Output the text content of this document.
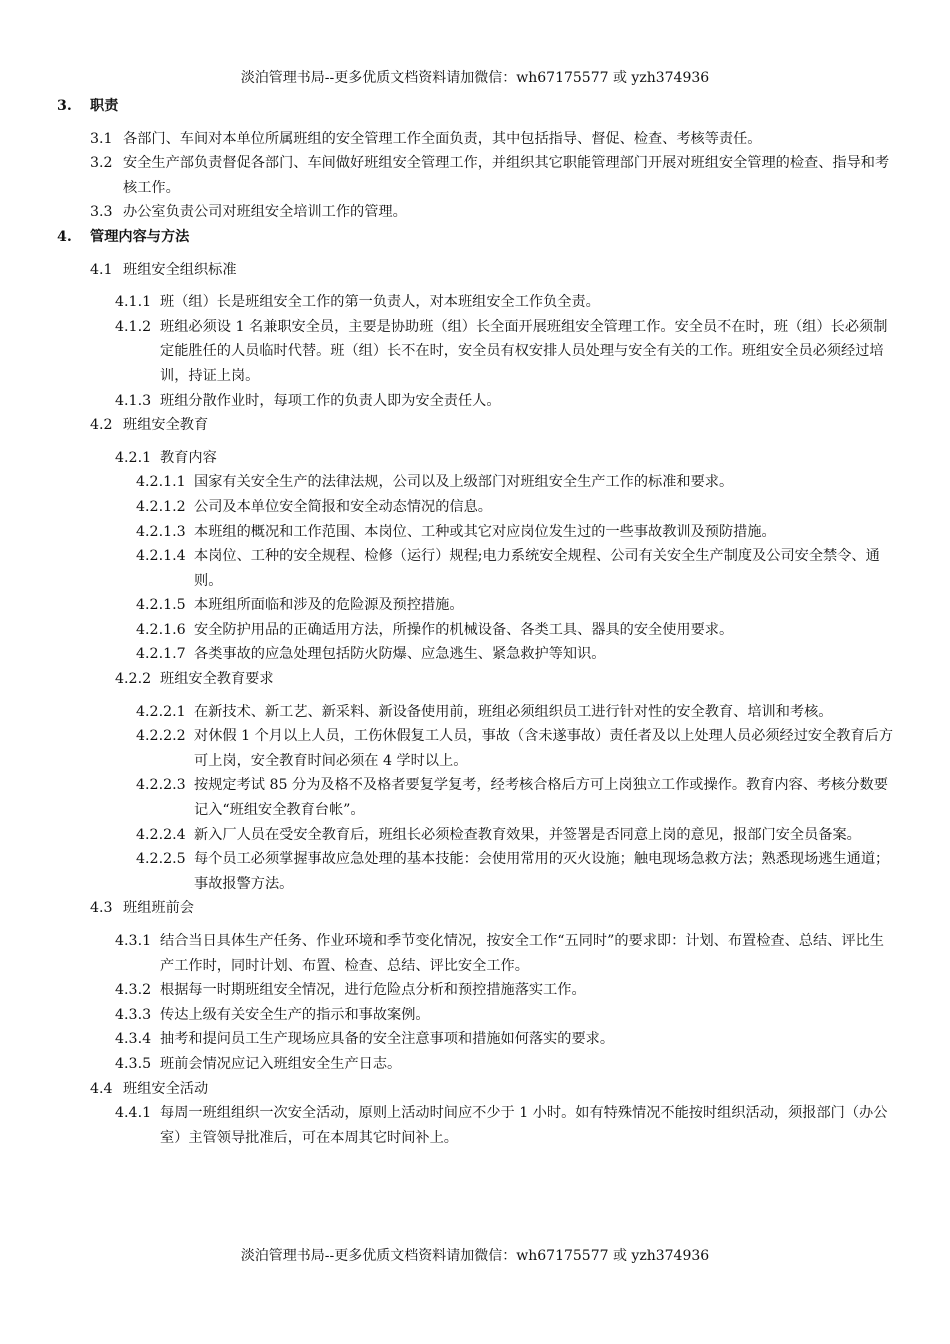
淡泊管理书局--更多优质文档资料请加微信：wh67175577 或 yzh374936
3. 职责
3.1 各部门、车间对本单位所属班组的安全管理工作全面负责，其中包括指导、督促、检查、考核等责任。
3.2 安全生产部负责督促各部门、车间做好班组安全管理工作，并组织其它职能管理部门开展对班组安全管理的检查、指导和考核工作。
3.3 办公室负责公司对班组安全培训工作的管理。
4. 管理内容与方法
4.1 班组安全组织标准
4.1.1 班（组）长是班组安全工作的第一负责人，对本班组安全工作负全责。
4.1.2 班组必须设 1 名兼职安全员，主要是协助班（组）长全面开展班组安全管理工作。安全员不在时，班（组）长必须制定能胜任的人员临时代替。班（组）长不在时，安全员有权安排人员处理与安全有关的工作。班组安全员必须经过培训，持证上岗。
4.1.3 班组分散作业时，每项工作的负责人即为安全责任人。
4.2 班组安全教育
4.2.1 教育内容
4.2.1.1 国家有关安全生产的法律法规，公司以及上级部门对班组安全生产工作的标准和要求。
4.2.1.2 公司及本单位安全简报和安全动态情况的信息。
4.2.1.3 本班组的概况和工作范围、本岗位、工种或其它对应岗位发生过的一些事故教训及预防措施。
4.2.1.4 本岗位、工种的安全规程、检修（运行）规程;电力系统安全规程、公司有关安全生产制度及公司安全禁令、通则。
4.2.1.5 本班组所面临和涉及的危险源及预控措施。
4.2.1.6 安全防护用品的正确适用方法，所操作的机械设备、各类工具、器具的安全使用要求。
4.2.1.7 各类事故的应急处理包括防火防爆、应急逃生、紧急救护等知识。
4.2.2 班组安全教育要求
4.2.2.1 在新技术、新工艺、新采料、新设备使用前，班组必须组织员工进行针对性的安全教育、培训和考核。
4.2.2.2 对休假 1 个月以上人员，工伤休假复工人员，事故（含未遂事故）责任者及以上处理人员必须经过安全教育后方可上岗，安全教育时间必须在 4 学时以上。
4.2.2.3 按规定考试 85 分为及格不及格者要复学复考，经考核合格后方可上岗独立工作或操作。教育内容、考核分数要记入“班组安全教育台帐”。
4.2.2.4 新入厂人员在受安全教育后，班组长必须检查教育效果，并签署是否同意上岗的意见，报部门安全员备案。
4.2.2.5 每个员工必须掌握事故应急处理的基本技能：会使用常用的灭火设施；触电现场急救方法；熟悉现场逃生通道；事故报警方法。
4.3 班组班前会
4.3.1 结合当日具体生产任务、作业环境和季节变化情况，按安全工作“五同时”的要求即：计划、布置检查、总结、评比生产工作时，同时计划、布置、检查、总结、评比安全工作。
4.3.2 根据每一时期班组安全情况，进行危险点分析和预控措施落实工作。
4.3.3 传达上级有关安全生产的指示和事故案例。
4.3.4 抽考和提问员工生产现场应具备的安全注意事项和措施如何落实的要求。
4.3.5 班前会情况应记入班组安全生产日志。
4.4 班组安全活动
4.4.1 每周一班组组织一次安全活动，原则上活动时间应不少于 1 小时。如有特殊情况不能按时组织活动，须报部门（办公室）主管领导批准后，可在本周其它时间补上。
淡泊管理书局--更多优质文档资料请加微信：wh67175577 或 yzh374936
